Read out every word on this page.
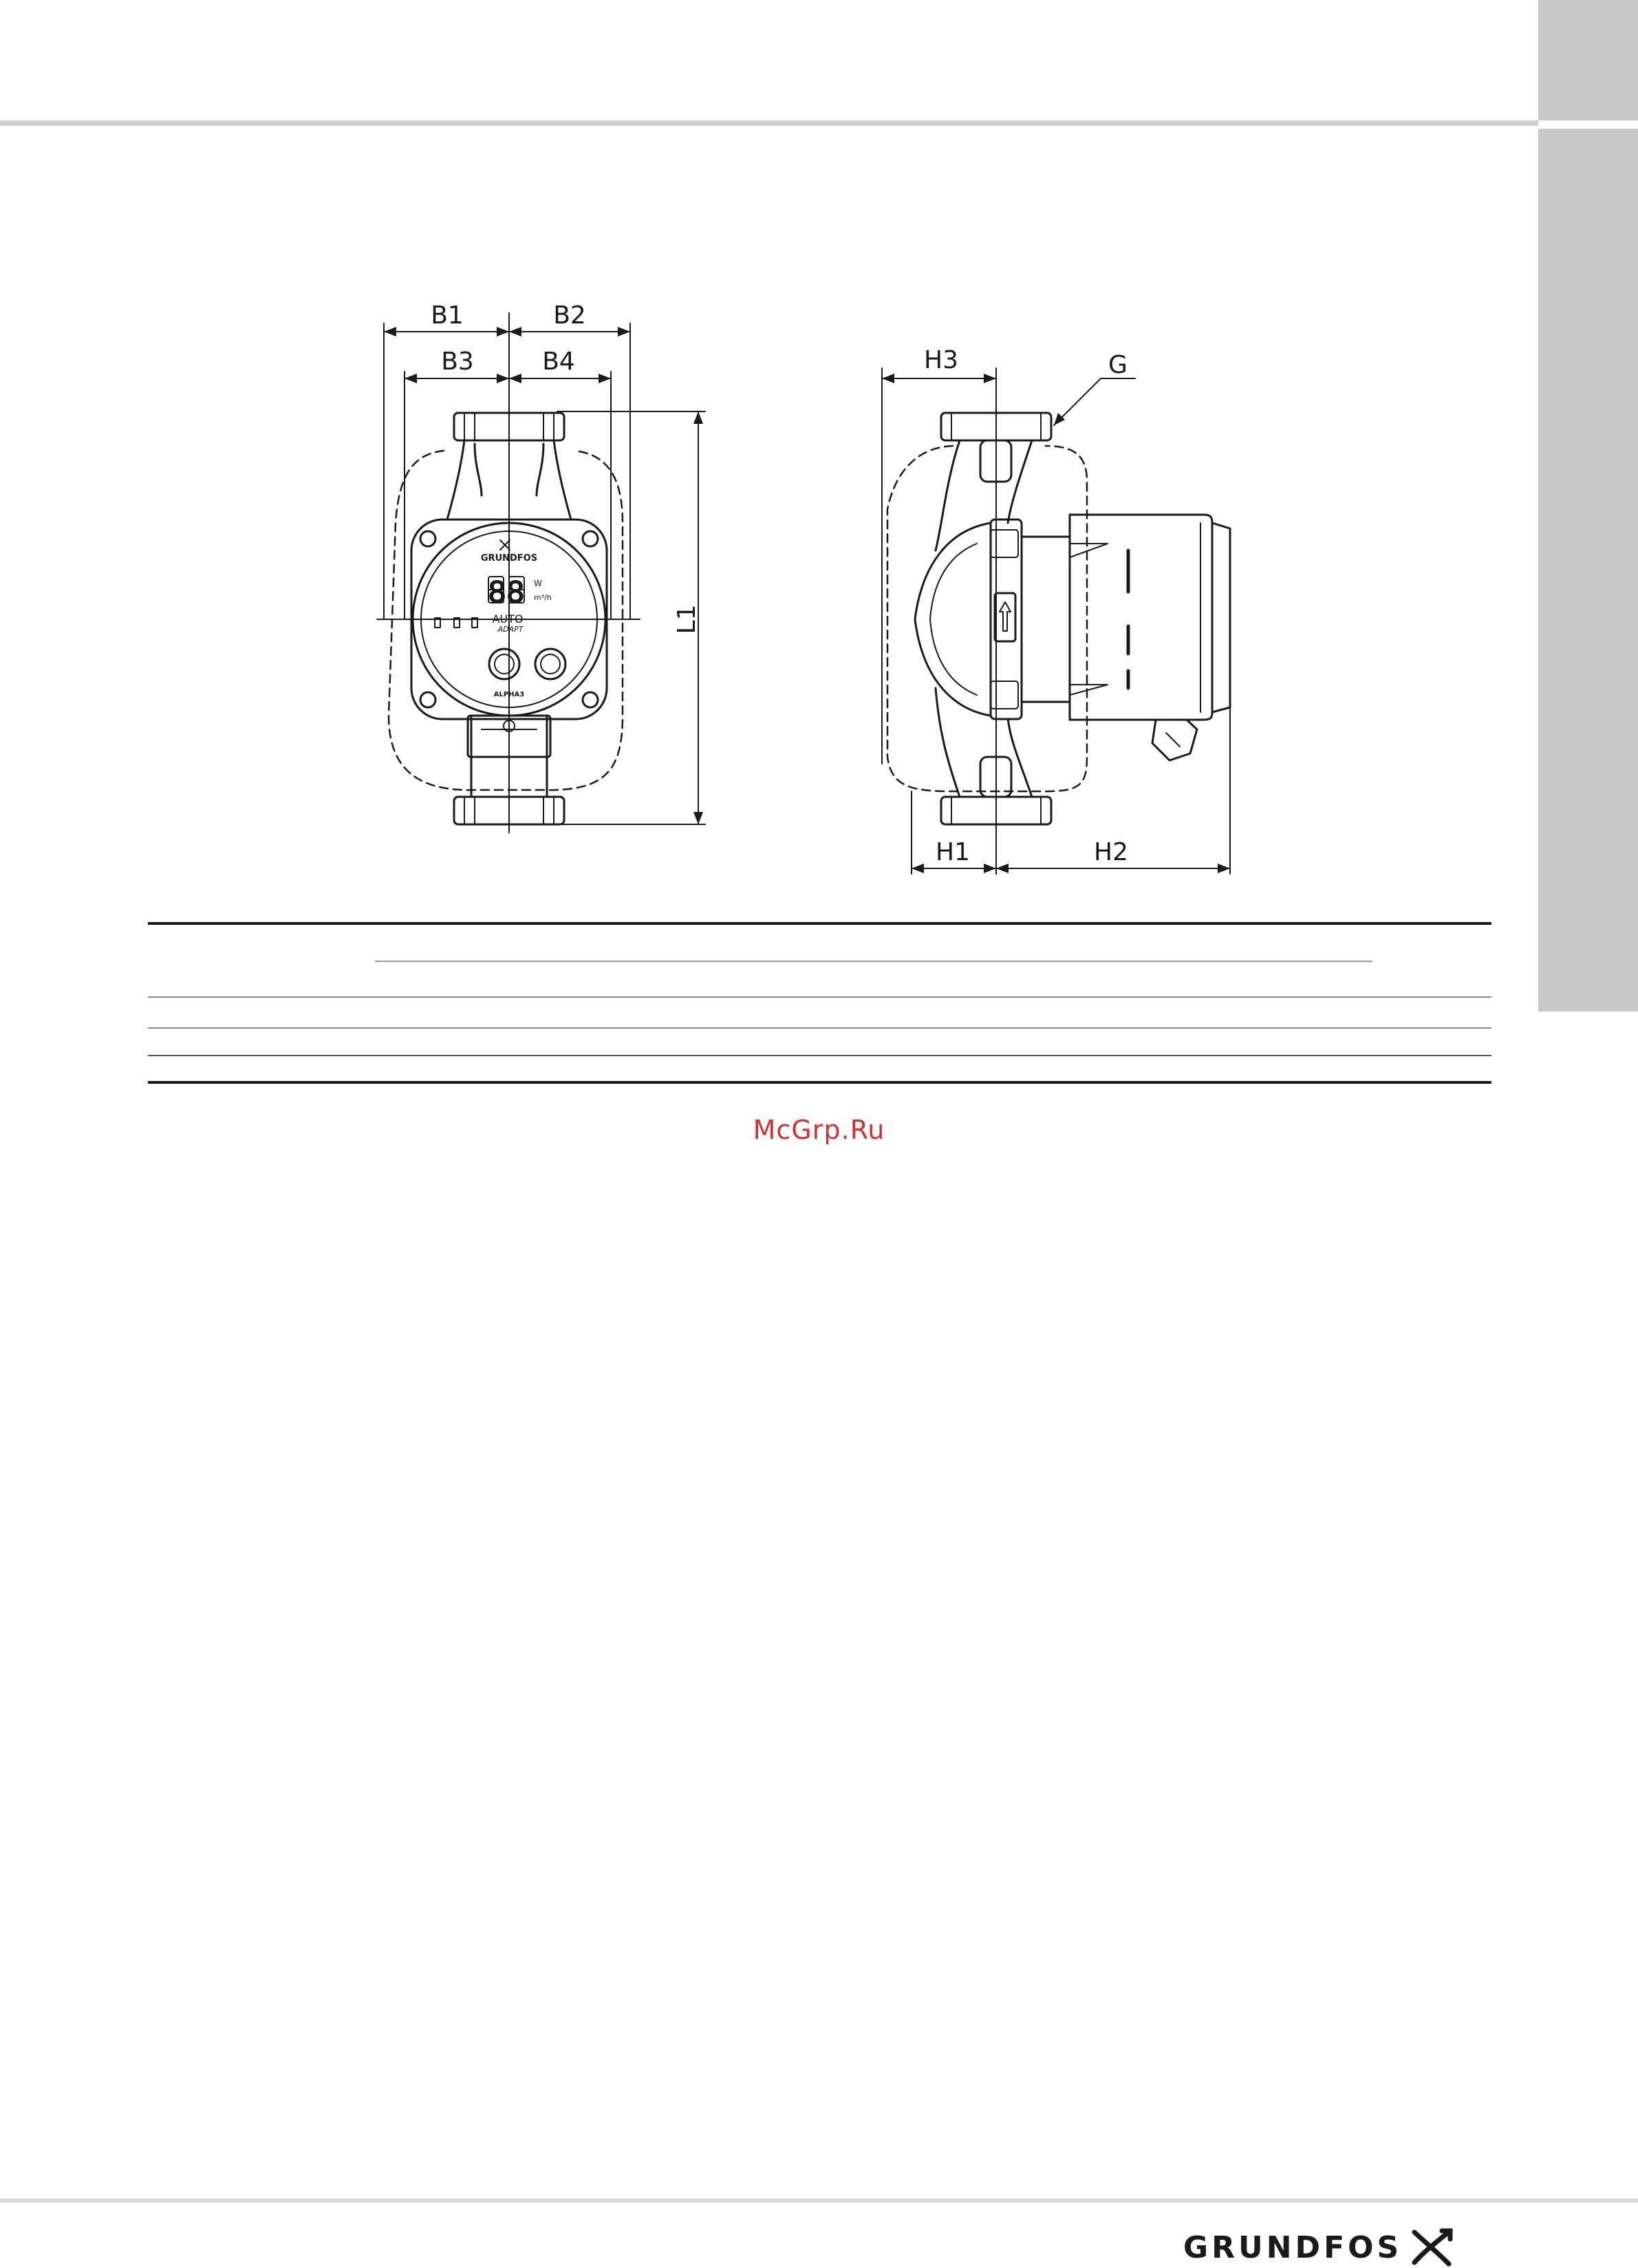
B1	B2
B3	B4
L1
H3	G
H1	H2
GRUNDFOS
88 W
m³/h
AUTO
ADAPT
ALPHA3
McGrp.Ru
GRUNDFOS
